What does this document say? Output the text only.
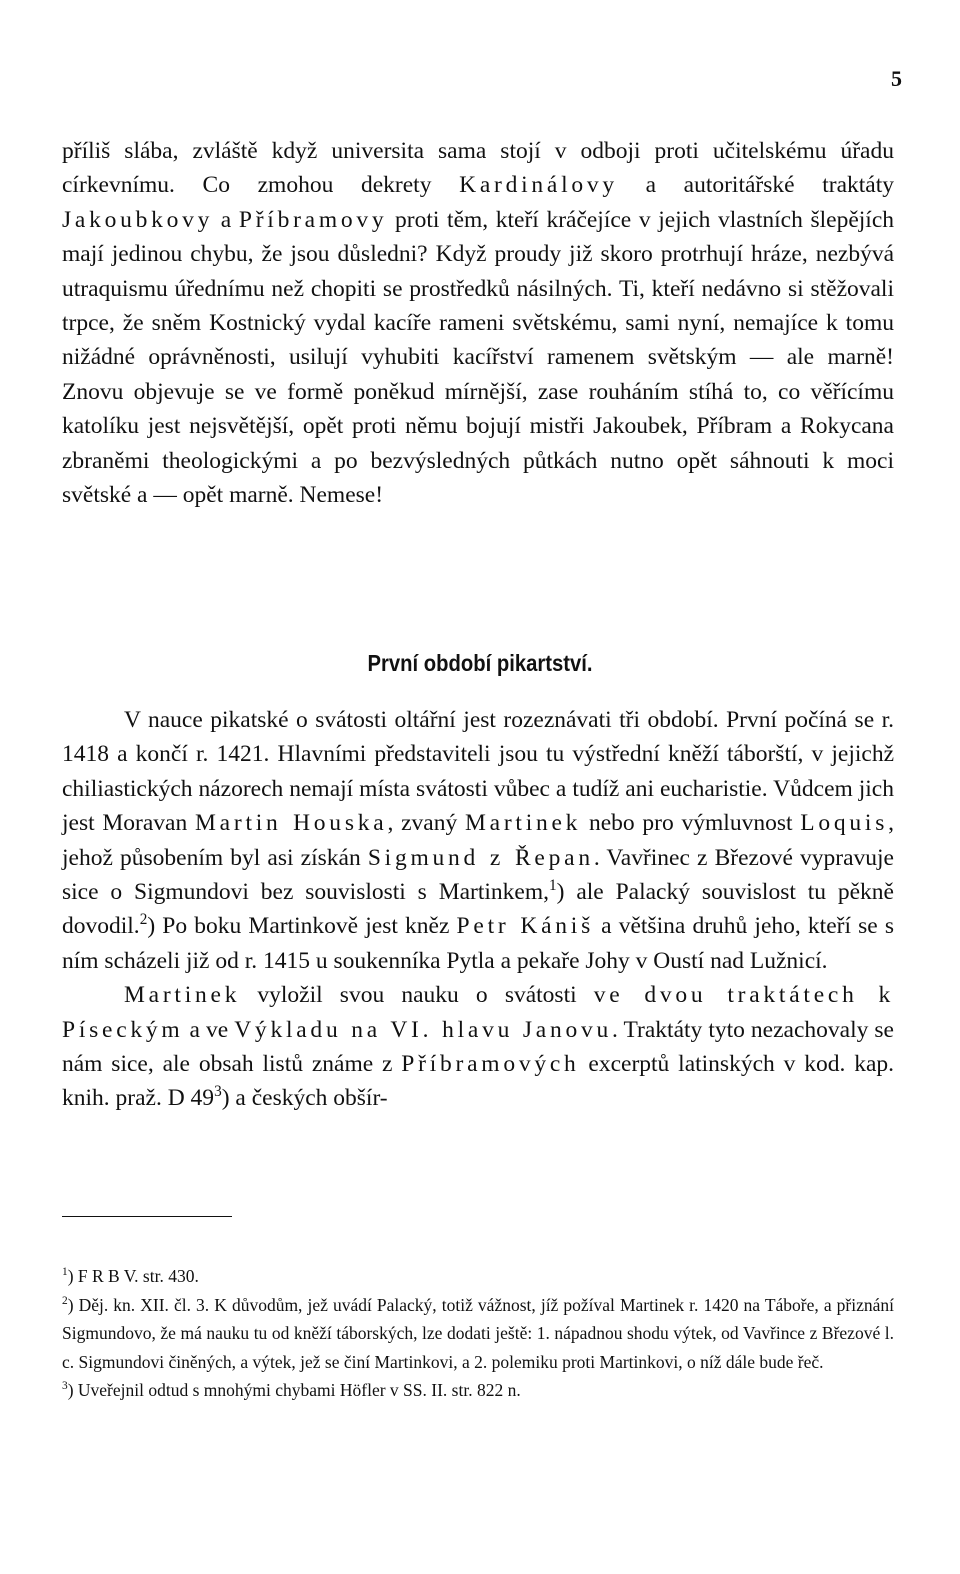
5

příliš slába, zvláště když universita sama stojí v odboji proti učitelskému úřadu církevnímu. Co zmohou dekrety Kardinálovy a autoritářské traktáty Jakoubkovy a Příbramovy proti těm, kteří kráčejíce v jejich vlastních šlepějích mají jedinou chybu, že jsou důsledni? Když proudy již skoro protrhují hráze, nezbývá utraquismu úřednímu než chopiti se prostředků násilných. Ti, kteří nedávno si stěžovali trpce, že sněm Kostnický vydal kacíře rameni světskému, sami nyní, nemajíce k tomu nižádné oprávněnosti, usilují vyhubiti kacířství ramenem světským — ale marně! Znovu objevuje se ve formě poněkud mírnější, zase rouháním stíhá to, co věřícímu katolíku jest nejsvětější, opět proti němu bojují mistři Jakoubek, Příbram a Rokycana zbraněmi theologickými a po bezvýsledných půtkách nutno opět sáhnouti k moci světské a — opět marně. Nemese!

První období pikartství.

V nauce pikatské o svátosti oltářní jest rozeznávati tři období. První počíná se r. 1418 a končí r. 1421. Hlavními představiteli jsou tu výstřední kněží táborští, v jejichž chiliastických názorech nemají místa svátosti vůbec a tudíž ani eucharistie. Vůdcem jich jest Moravan Martin Houska, zvaný Martinek nebo pro výmluvnost Loquis, jehož působením byl asi získán Sigmund z Řepan. Vavřinec z Březové vypravuje sice o Sigmundovi bez souvislosti s Martinkem,$^1$) ale Palacký souvislost tu pěkně dovodil.$^2$) Po boku Martinkově jest kněz Petr Kániš a většina druhů jeho, kteří se s ním scházeli již od r. 1415 u soukenníka Pytla a pekaře Johy v Oustí nad Lužnicí.

Martinek vyložil svou nauku o svátosti ve dvou traktátech k Píseckým a ve Výkladu na VI. hlavu Janovu. Traktáty tyto nezachovaly se nám sice, ale obsah listů známe z Příbramových excerptů latinských v kod. kap. knih. praž. D $49^3$) a českých obšír-

$^1$) F R B V. str. 430.

$^2$) Děj. kn. XII. čl. 3. K důvodům, jež uvádí Palacký, totiž vážnost, jíž požíval Martinek r. 1420 na Táboře, a přiznání Sigmundovo, že má nauku tu od kněží táborských, lze dodati ještě: 1. nápadnou shodu výtek, od Vavřince z Březové l. c. Sigmundovi činěných, a výtek, jež se činí Martinkovi, a 2. polemiku proti Martinkovi, o níž dále bude řeč.

$^3$) Uveřejnil odtud s mnohými chybami Höfler v SS. II. str. 822 n.
